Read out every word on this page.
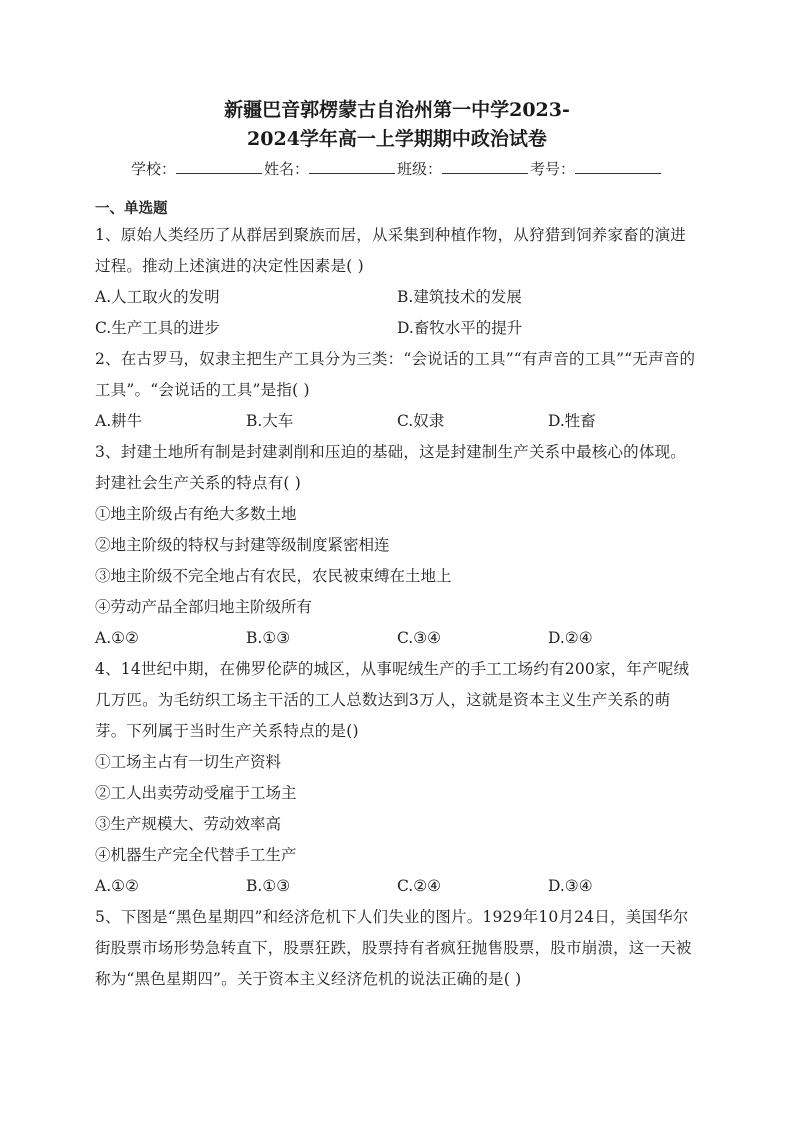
新疆巴音郭楞蒙古自治州第一中学2023-
2024学年高一上学期期中政治试卷
学校：	姓名：	班级：	考号：
一、单选题
1、原始人类经历了从群居到聚族而居，从采集到种植作物，从狩猎到饲养家畜的演进过程。推动上述演进的决定性因素是( )
A.人工取火的发明	B.建筑技术的发展
C.生产工具的进步	D.畜牧水平的提升
2、在古罗马，奴隶主把生产工具分为三类：“会说话的工具”“有声音的工具”“无声音的工具”。“会说话的工具”是指( )
A.耕牛	B.大车	C.奴隶	D.牲畜
3、封建土地所有制是封建剥削和压迫的基础，这是封建制生产关系中最核心的体现。封建社会生产关系的特点有( )
①地主阶级占有绝大多数土地
②地主阶级的特权与封建等级制度紧密相连
③地主阶级不完全地占有农民，农民被束缚在土地上
④劳动产品全部归地主阶级所有
A.①②	B.①③	C.③④	D.②④
4、14世纪中期，在佛罗伦萨的城区，从事呢绒生产的手工工场约有200家，年产呢绒几万匹。为毛纺织工场主干活的工人总数达到3万人，这就是资本主义生产关系的萌芽。下列属于当时生产关系特点的是()
①工场主占有一切生产资料
②工人出卖劳动受雇于工场主
③生产规模大、劳动效率高
④机器生产完全代替手工生产
A.①②	B.①③	C.②④	D.③④
5、下图是“黑色星期四”和经济危机下人们失业的图片。1929年10月24日，美国华尔街股票市场形势急转直下，股票狂跌，股票持有者疯狂抛售股票，股市崩溃，这一天被称为“黑色星期四”。关于资本主义经济危机的说法正确的是( )
